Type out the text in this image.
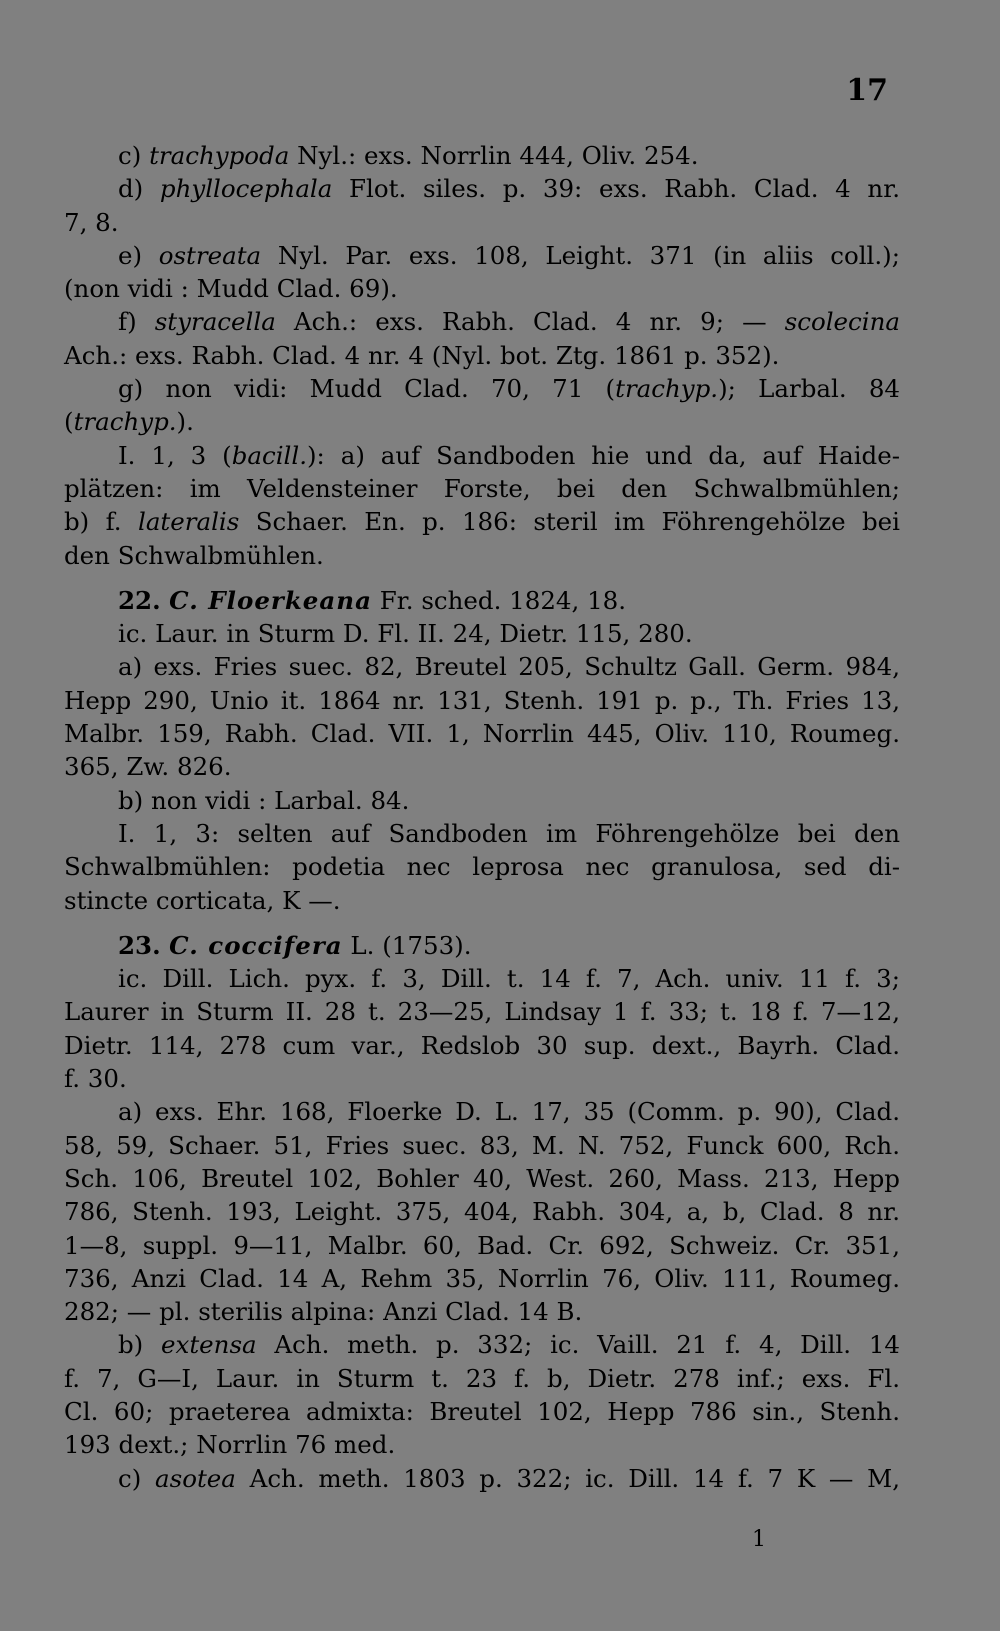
17
c) trachypoda Nyl.: exs. Norrlin 444, Oliv. 254.
d) phyllocephala Flot. siles. p. 39: exs. Rabh. Clad. 4 nr.
7, 8.
e) ostreata Nyl. Par. exs. 108, Leight. 371 (in aliis coll.);
(non vidi : Mudd Clad. 69).
f) styracella Ach.: exs. Rabh. Clad. 4 nr. 9; — scolecina
Ach.: exs. Rabh. Clad. 4 nr. 4 (Nyl. bot. Ztg. 1861 p. 352).
g) non vidi: Mudd Clad. 70, 71 (trachyp.); Larbal. 84
(trachyp.).
I. 1, 3 (bacill.): a) auf Sandboden hie und da, auf Haide-
plätzen: im Veldensteiner Forste, bei den Schwalbmühlen;
b) f. lateralis Schaer. En. p. 186: steril im Föhrengehölze bei
den Schwalbmühlen.
22. C. Floerkeana Fr. sched. 1824, 18.
ic. Laur. in Sturm D. Fl. II. 24, Dietr. 115, 280.
a) exs. Fries suec. 82, Breutel 205, Schultz Gall. Germ. 984,
Hepp 290, Unio it. 1864 nr. 131, Stenh. 191 p. p., Th. Fries 13,
Malbr. 159, Rabh. Clad. VII. 1, Norrlin 445, Oliv. 110, Roumeg.
365, Zw. 826.
b) non vidi : Larbal. 84.
I. 1, 3: selten auf Sandboden im Föhrengehölze bei den
Schwalbmühlen: podetia nec leprosa nec granulosa, sed di-
stincte corticata, K —.
23. C. coccifera L. (1753).
ic. Dill. Lich. pyx. f. 3, Dill. t. 14 f. 7, Ach. univ. 11 f. 3;
Laurer in Sturm II. 28 t. 23—25, Lindsay 1 f. 33; t. 18 f. 7—12,
Dietr. 114, 278 cum var., Redslob 30 sup. dext., Bayrh. Clad.
f. 30.
a) exs. Ehr. 168, Floerke D. L. 17, 35 (Comm. p. 90), Clad.
58, 59, Schaer. 51, Fries suec. 83, M. N. 752, Funck 600, Rch.
Sch. 106, Breutel 102, Bohler 40, West. 260, Mass. 213, Hepp
786, Stenh. 193, Leight. 375, 404, Rabh. 304, a, b, Clad. 8 nr.
1—8, suppl. 9—11, Malbr. 60, Bad. Cr. 692, Schweiz. Cr. 351,
736, Anzi Clad. 14 A, Rehm 35, Norrlin 76, Oliv. 111, Roumeg.
282; — pl. sterilis alpina: Anzi Clad. 14 B.
b) extensa Ach. meth. p. 332; ic. Vaill. 21 f. 4, Dill. 14
f. 7, G—I, Laur. in Sturm t. 23 f. b, Dietr. 278 inf.; exs. Fl.
Cl. 60; praeterea admixta: Breutel 102, Hepp 786 sin., Stenh.
193 dext.; Norrlin 76 med.
c) asotea Ach. meth. 1803 p. 322; ic. Dill. 14 f. 7 K — M,
1
